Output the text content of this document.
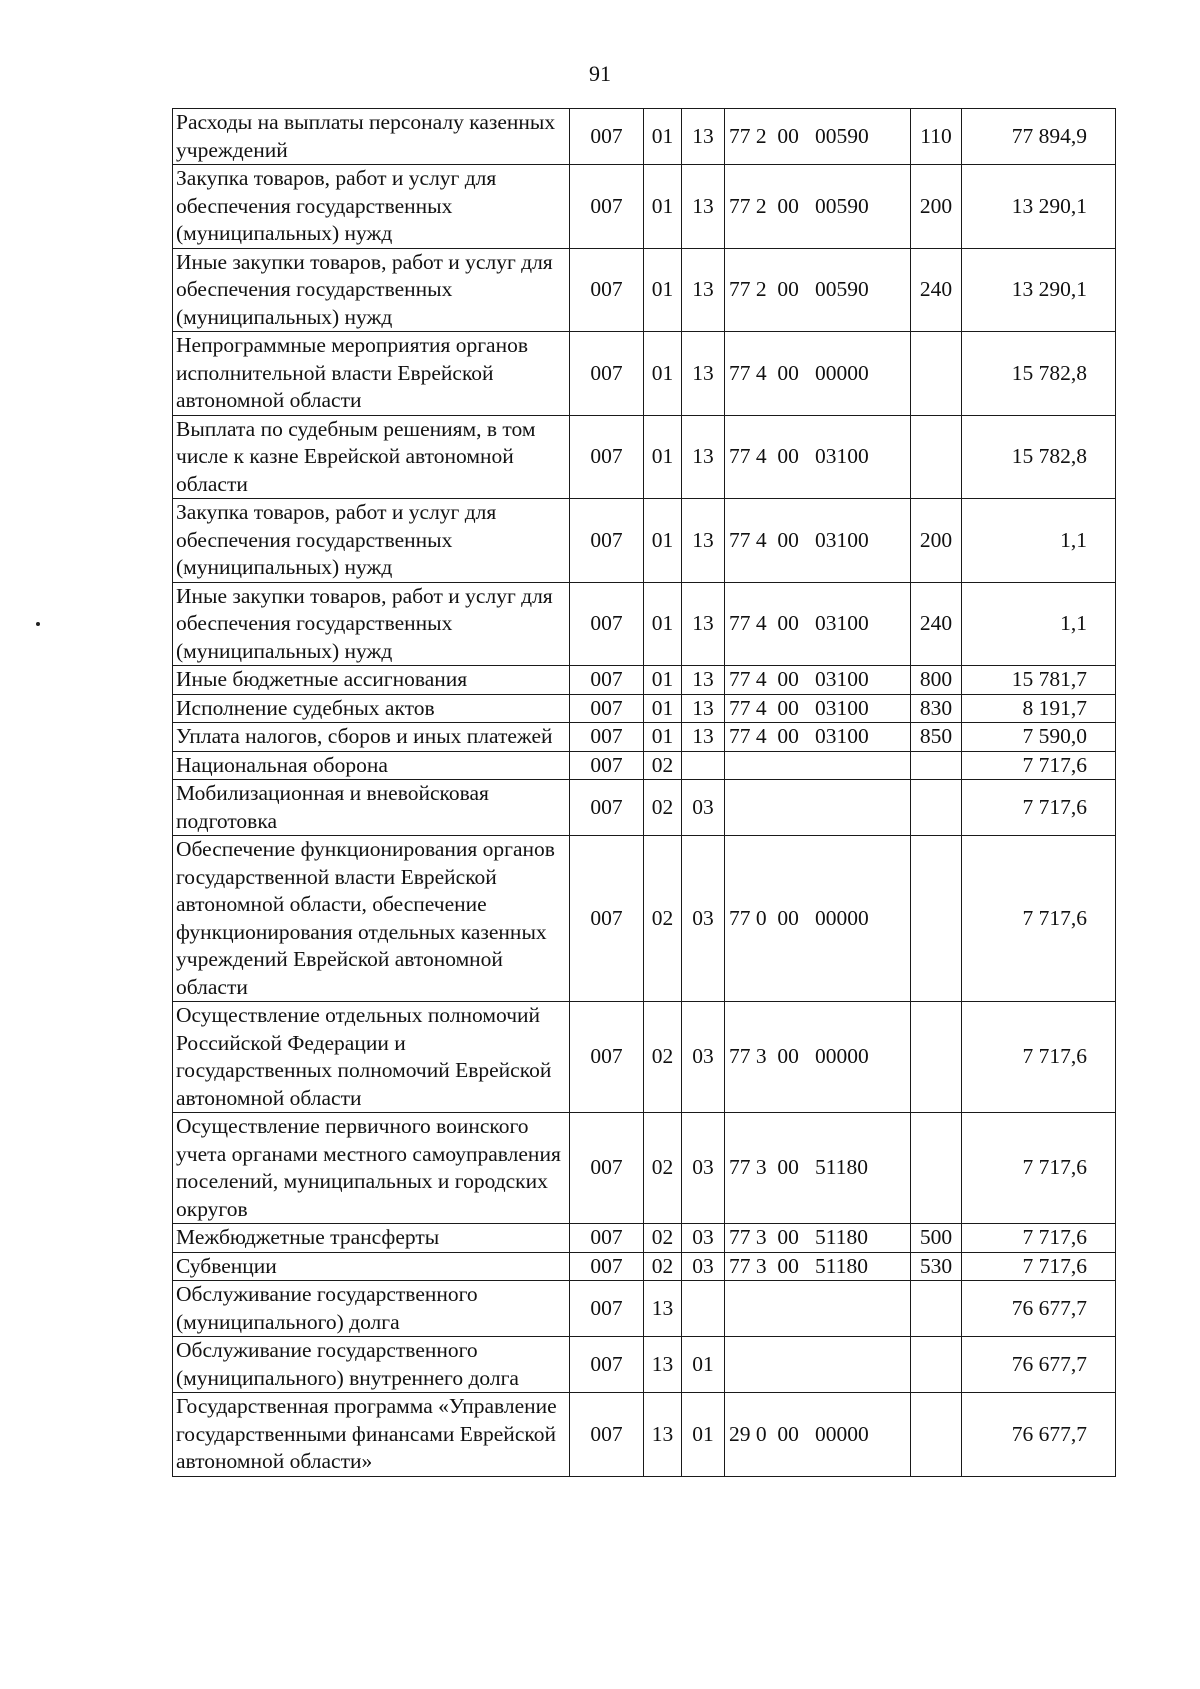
91
Расходы на выплаты персоналу казенных учреждений	007	01	13	77 2  00   00590	110	77 894,9
Закупка товаров, работ и услуг для обеспечения государственных (муниципальных) нужд	007	01	13	77 2  00   00590	200	13 290,1
Иные закупки товаров, работ и услуг для обеспечения государственных (муниципальных) нужд	007	01	13	77 2  00   00590	240	13 290,1
Непрограммные мероприятия органов исполнительной власти Еврейской автономной области	007	01	13	77 4  00   00000		15 782,8
Выплата по судебным решениям, в том числе к казне Еврейской автономной области	007	01	13	77 4  00   03100		15 782,8
Закупка товаров, работ и услуг для обеспечения государственных (муниципальных) нужд	007	01	13	77 4  00   03100	200	1,1
Иные закупки товаров, работ и услуг для обеспечения государственных (муниципальных) нужд	007	01	13	77 4  00   03100	240	1,1
Иные бюджетные ассигнования	007	01	13	77 4  00   03100	800	15 781,7
Исполнение судебных актов	007	01	13	77 4  00   03100	830	8 191,7
Уплата налогов, сборов и иных платежей	007	01	13	77 4  00   03100	850	7 590,0
Национальная оборона	007	02				7 717,6
Мобилизационная и вневойсковая подготовка	007	02	03			7 717,6
Обеспечение функционирования органов государственной власти Еврейской автономной области, обеспечение функционирования отдельных казенных учреждений Еврейской автономной области	007	02	03	77 0  00   00000		7 717,6
Осуществление отдельных полномочий Российской Федерации и государственных полномочий Еврейской автономной области	007	02	03	77 3  00   00000		7 717,6
Осуществление первичного воинского учета органами местного самоуправления поселений, муниципальных и городских округов	007	02	03	77 3  00   51180		7 717,6
Межбюджетные трансферты	007	02	03	77 3  00   51180	500	7 717,6
Субвенции	007	02	03	77 3  00   51180	530	7 717,6
Обслуживание государственного (муниципального) долга	007	13				76 677,7
Обслуживание государственного (муниципального) внутреннего долга	007	13	01			76 677,7
Государственная программа «Управление государственными финансами Еврейской автономной области»	007	13	01	29 0  00   00000		76 677,7
